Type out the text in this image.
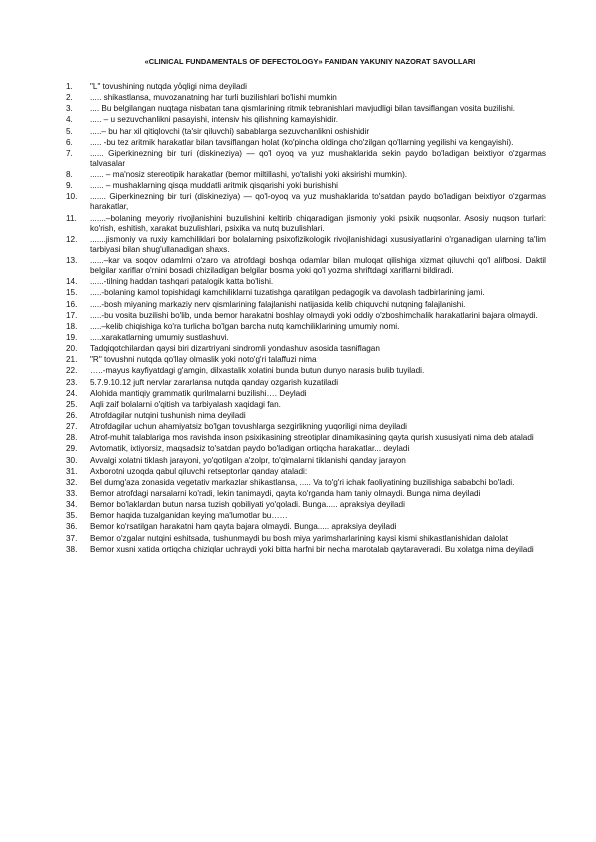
«CLINICAL FUNDAMENTALS OF DEFECTOLOGY» FANIDAN YAKUNIY NAZORAT SAVOLLARI
1.	"L" tovushining nutqda yo̊qligi nima deyiladi
2.	..... shikastlansa, muvozanatning har turli buzilishlari bo'lishi mumkin
3.	.... Bu belgilangan nuqtaga nisbatan tana qismlarining ritmik tebranishlari mavjudligi bilan tavsiflangan vosita buzilishi.
4.	..... – u sezuvchanlikni pasayishi, intensiv his qilishning kamayishidir.
5.	.....– bu har xil qitiqlovchi (ta'sir qiluvchi) sabablarga sezuvchanlikni oshishidir
6.	..... -bu tez aritmik harakatlar bilan tavsiflangan holat (ko'pincha oldinga cho'zilgan qo'llarning yegilishi va kengayishi).
7.	...... Giperkinezning bir turi (diskineziya) — qo'l oyoq va yuz mushaklarida sekin paydo bo'ladigan beixtiyor o'zgarmas talvasalar
8.	...... – ma'nosiz stereotipik harakatlar (bemor miltillashi, yo'talishi yoki aksirishi mumkin).
9.	...... – mushaklarning qisqa muddatli aritmik qisqarishi yoki burishishi
10.	....... Giperkinezning bir turi (diskineziya) — qo'l-oyoq va yuz mushaklarida to'satdan paydo bo'ladigan beixtiyor o'zgarmas harakatlar,
11.	.......–bolaning meyoriy rivojlanishini buzulishini keltirib chiqaradigan jismoniy yoki psixik nuqsonlar. Asosiy nuqson turlari: ko'rish, eshitish, xarakat buzulishlari, psixika va nutq buzulishlari.
12.	.......jismoniy va ruxiy kamchiliklari bor bolalarning psixofizikologik rivojlanishidagi xususiyatlarini o'rganadigan ularning ta'lim tarbiyasi bilan shug'ullanadigan shaxs.
13.	......–kar va soqov odamlrni o'zaro va atrofdagi boshqa odamlar bilan muloqat qilishiga xizmat qiluvchi qo'l alifbosi. Daktil belgilar xariflar o'rnini bosadi chiziladigan belgilar bosma yoki qo'l yozma shriftdagi xariflarni bildiradi.
14.	......-tilning haddan tashqari patalogik katta bo'lishi.
15.	.....-bolaning kamol topishidagi kamchiliklarni tuzatishga qaratilgan pedagogik va davolash tadbirlarining jami.
16.	.....-bosh miyaning markaziy nerv qismlarining falajlanishi natijasida kelib chiquvchi nutqning falajlanishi.
17.	.....-bu vosita buzilishi bo'lib, unda bemor harakatni boshlay olmaydi yoki oddiy o'zboshimchalik harakatlarini bajara olmaydi.
18.	.....–kelib chiqishiga ko'ra turlicha bo'lgan barcha nutq kamchiliklarining umumiy nomi.
19.	.....xarakatlarning umumiy sustlashuvi.
20.	Tadqiqotchilardan qaysi biri dizartriyani sindromli yondashuv asosida tasniflagan
21.	"R" tovushni nutqda qo'llay olmaslik yoki noto'g'ri talaffuzi nima
22.	…..-mayus kayfiyatdagi g'amgin, dilxastalik xolatini bunda butun dunyo narasis bulib tuyiladi.
23.	5.7.9.10.12 juft nervlar zararlansa nutqda qanday ozgarish kuzatiladi
24.	Alohida mantiqiy grammatik qurilmalarni buzilishi…. Deyladi
25.	Aqli zaif bolalarni o'qitish va tarbiyalash xaqidagi fan.
26.	Atrofdagilar nutqini tushunish nima deyiladi
27.	Atrofdagilar uchun ahamiyatsiz bo'lgan tovushlarga sezgirlikning yuqoriligi nima deyiladi
28.	Atrof-muhit talablariga mos ravishda inson psixikasining streotiplar dinamikasining qayta qurish xususiyati nima deb ataladi
29.	Avtomatik, ixtiyorsiz, maqsadsiz to'satdan paydo bo'ladigan ortiqcha harakatlar... deyladi
30.	Avvalgi xolatni tiklash jarayoni, yo'qotilgan a'zolpr, to'qimalarni tiklanishi qanday jarayon
31.	Axborotni uzoqda qabul qiluvchi retseptorlar qanday ataladi:
32.	Bel dumg'aza zonasida vegetativ markazlar shikastlansa, ..... Va to'g'ri ichak faoliyatining buzilishiga sababchi bo'ladi.
33.	Bemor atrofdagi narsalarni ko'radi, lekin tanimaydi, qayta ko'rganda ham taniy olmaydi. Bunga nima deyiladi
34.	Bemor bo'laklardan butun narsa tuzish qobiliyati yo'qoladi. Bunga..... apraksiya deyiladi
35.	Bemor haqida tuzalganidan keying ma'lumotlar bu……
36.	Bemor ko'rsatilgan harakatni ham qayta bajara olmaydi. Bunga..... apraksiya deyiladi
37.	Bemor o'zgalar nutqini eshitsada, tushunmaydi bu bosh miya yarimsharlarining kaysi kismi shikastlanishidan dalolat
38.	Bemor xusni xatida ortiqcha chiziqlar uchraydi yoki bitta harfni bir necha marotalab qaytaraveradi. Bu xolatga nima deyiladi
